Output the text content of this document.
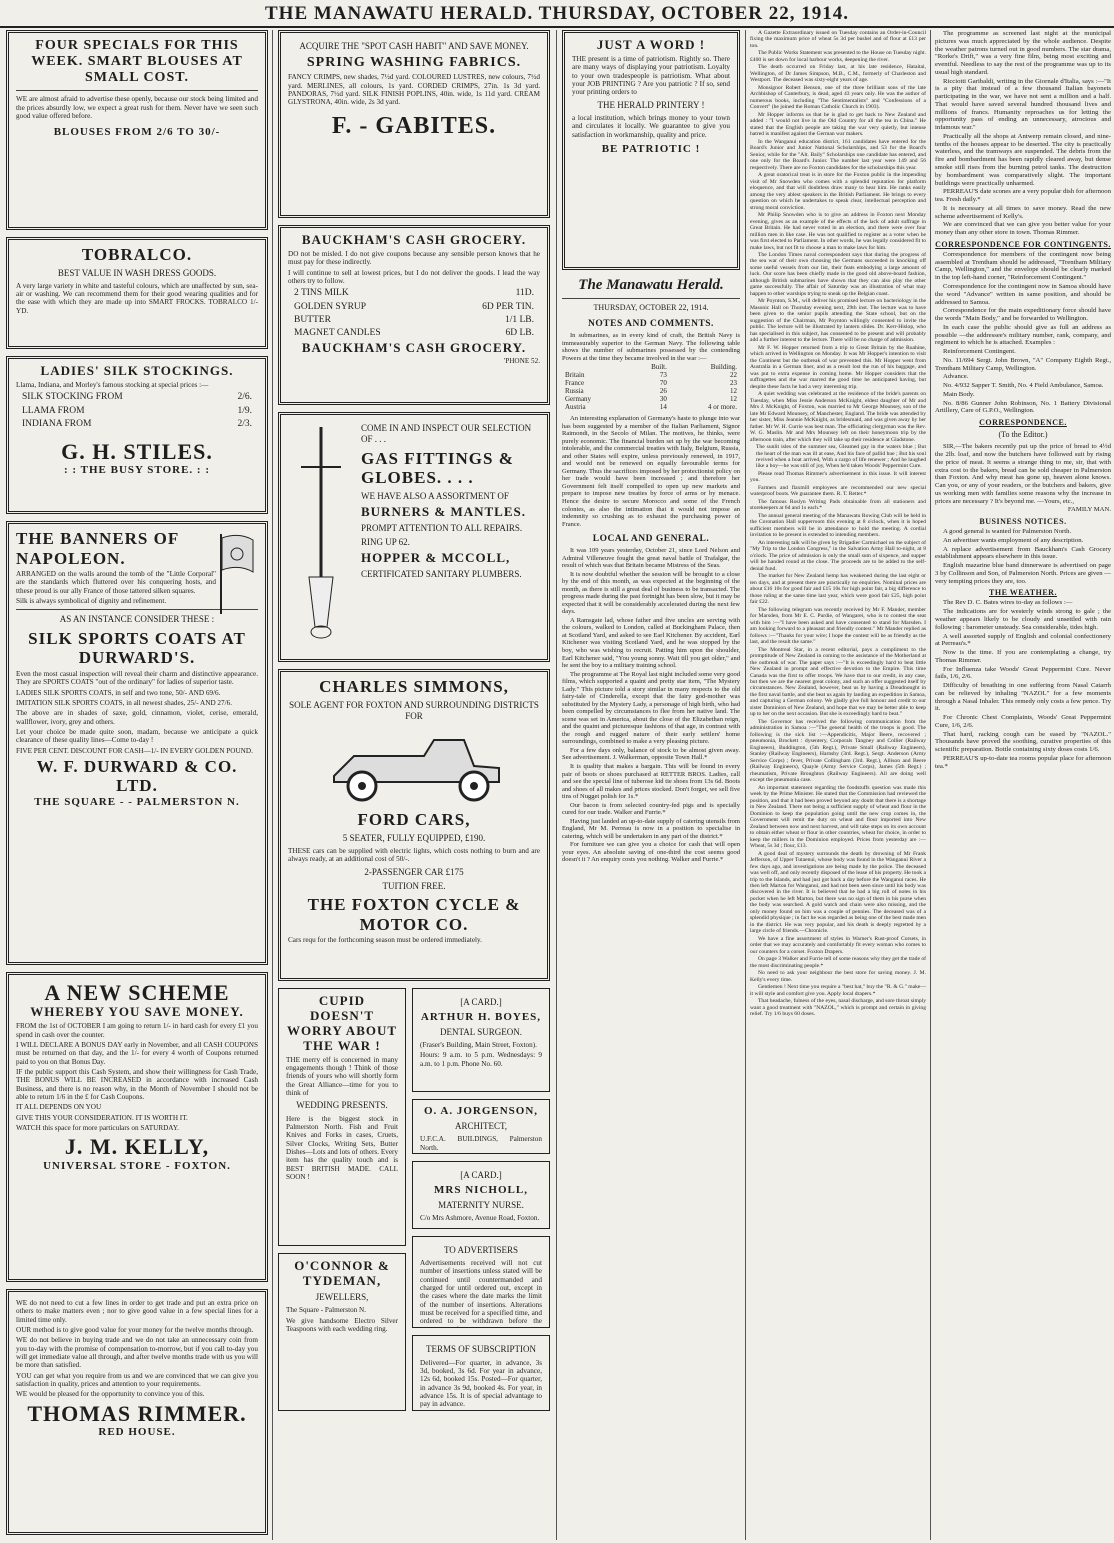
THE MANAWATU HERALD. THURSDAY, OCTOBER 22, 1914.
FOUR SPECIALS FOR THIS WEEK. SMART BLOUSES AT SMALL COST.
WE are almost afraid to advertise these openly, because our stock being limited and the prices absurdly low, we expect a great rush for them. Never have we seen such good value offered before.
BLOUSES FROM 2/6 TO 30/-
TOBRALCO.
BEST VALUE IN WASH DRESS GOODS.
A very large variety in white and tasteful colours, which are unaffected by sun, sea-air or washing. We can recommend them for their good wearing qualities and for the ease with which they are made up into SMART FROCKS. TOBRALCO 1/- YD.
LADIES' SILK STOCKINGS.
Llama, Indiana, and Morley's famous stocking at special prices :—
SILK STOCKING FROM	2/6.
LLAMA FROM	1/9.
INDIANA FROM	2/3.
G. H. STILES.
: : THE BUSY STORE. : :
THE BANNERS OF NAPOLEON.
ARRANGED on the walls around the tomb of the "Little Corporal" are the standards which fluttered over his conquering hosts, and tthese proud is our ally France of those tattered silken squares.
Silk is always symbolical of dignity and refinement.
AS AN INSTANCE CONSIDER THESE :
SILK SPORTS COATS AT DURWARD'S.
Even the most casual inspection will reveal their charm and distinctive appearance. They are SPORTS COATS "out of the ordinary" for ladies of superior taste.
LADIES SILK SPORTS COATS, in self and two tone, 50/- AND 69/6.
IMITATION SILK SPORTS COATS, in all newest shades, 25/- AND 27/6.
The above are in shades of saxe, gold, cinnamon, violet, cerise, emerald, wallflower, ivory, grey and others.
Let your choice be made quite soon, madam, because we anticipate a quick clearance of these quality lines—Come to-day !
FIVE PER CENT. DISCOUNT FOR CASH—1/- IN EVERY GOLDEN POUND.
W. F. DURWARD & CO. LTD.
THE SQUARE - - PALMERSTON N.
A NEW SCHEME
WHEREBY YOU SAVE MONEY.
FROM the 1st of OCTOBER I am going to return 1/- in hard cash for every £1 you spend in cash over the counter.
I WILL DECLARE A BONUS DAY early in November, and all CASH COUPONS must be returned on that day, and the 1/- for every 4 worth of Coupons returned paid to you on that Bonus Day.
IF the public support this Cash System, and show their willingness for Cash Trade, THE BONUS WILL BE INCREASED in accordance with increased Cash Business, and there is no reason why, in the Month of November I should not be able to return 1/6 in the £ for Cash Coupons.
IT ALL DEPENDS ON YOU
GIVE THIS YOUR CONSIDERATION. IT IS WORTH IT.
WATCH this space for more particulars on SATURDAY.
J. M. KELLY,
UNIVERSAL STORE - FOXTON.
WE do not need to cut a few lines in order to get trade and put an extra price on others to make matters even ; nor to give good value in a few special lines for a limited time only.
OUR method is to give good value for your money for the twelve months through.
WE do not believe in buying trade and we do not take an unnecessary coin from you to-day with the promise of compensation to-morrow, but if you call to-day you will get immediate value all through, and after twelve months trade with us you will be more than satisfied.
YOU can get what you require from us and we are convinced that we can give you satisfaction in quality, prices and attention to your requirements.
WE would be pleased for the opportunity to convince you of this.
THOMAS RIMMER.
RED HOUSE.
ACQUIRE THE "SPOT CASH HABIT" AND SAVE MONEY.
SPRING WASHING FABRICS.
FANCY CRIMPS, new shades, 7½d yard. COLOURED LUSTRES, new colours, 7½d yard. MERLINES, all colours, 1s yard. CORDED CRIMPS, 27in. 1s 3d yard. PANDORAS, 7½d yard. SILK FINISH POPLINS, 40in. wide, 1s 11d yard. CREAM GLYSTRONA, 40in. wide, 2s 3d yard.
F. - GABITES.
BAUCKHAM'S CASH GROCERY.
DO not be misled. I do not give coupons because any sensible person knows that he must pay for these indirectly.
I will continue to sell at lowest prices, but I do not deliver the goods. I lead the way others try to follow.
2 TINS MILK	11D.
GOLDEN SYRUP	6D PER TIN.
BUTTER	1/1 LB.
MAGNET CANDLES	6D LB.
BAUCKHAM'S CASH GROCERY.
'PHONE 52.
COME IN AND INSPECT OUR SELECTION OF . . .
GAS FITTINGS & GLOBES. . . .
WE HAVE ALSO A ASSORTMENT OF
BURNERS & MANTLES.
PROMPT ATTENTION TO ALL REPAIRS.
RING UP 62.
HOPPER & MCCOLL,
CERTIFICATED SANITARY PLUMBERS.
CHARLES SIMMONS,
SOLE AGENT FOR FOXTON AND SURROUNDING DISTRICTS FOR
FORD CARS,
5 SEATER, FULLY EQUIPPED, £190.
THESE cars can be supplied with electric lights, which costs nothing to burn and are always ready, at an additional cost of 50/-.
2-PASSENGER CAR £175
TUITION FREE.
THE FOXTON CYCLE & MOTOR CO.
Cars requ for the forthcoming season must be ordered immediately.
CUPID DOESN'T WORRY ABOUT THE WAR !
THE merry elf is concerned in many engagements though ! Think of those friends of yours who will shortly form the Great Alliance—time for you to think of
WEDDING PRESENTS.
Here is the biggest stock in Palmerston North. Fish and Fruit Knives and Forks in cases, Cruets, Silver Clocks, Writing Sets, Butter Dishes—Lots and lots of others. Every item has the quality touch and is BEST BRITISH MADE. CALL SOON !
O'CONNOR & TYDEMAN,
JEWELLERS,
The Square - Palmerston N.
We give handsome Electro Silver Teaspoons with each wedding ring.
[A CARD.]
ARTHUR H. BOYES,
DENTAL SURGEON.
(Fraser's Building, Main Street, Foxton).
Hours: 9 a.m. to 5 p.m. Wednesdays: 9 a.m. to 1 p.m. Phone No. 60.
O. A. JORGENSON,
ARCHITECT,
U.F.C.A. BUILDINGS, Palmerston North.
[A CARD.]
MRS NICHOLL,
MATERNITY NURSE.
C/o Mrs Ashmore, Avenue Road, Foxton.
TO ADVERTISERS
Advertisements received will not cut number of insertions unless stated will be continued until countermanded and charged for until ordered out, except in the cases where the date marks the limit of the number of insertions. Alterations must be received for a specified time, and ordered to be withdrawn before the
TERMS OF SUBSCRIPTION
Delivered—For quarter, in advance, 3s 3d, booked, 3s 6d. For year in advance, 12s 6d, booked 15s. Posted—For quarter, in advance 3s 9d, booked 4s. For year, in advance 15s. It is of special advantage to pay in advance.
JUST A WORD !
THE present is a time of patriotism. Rightly so. There are many ways of displaying your patriotism. Loyalty to your own tradespeople is patriotism. What about your JOB PRINTING ? Are you patriotic ? If so, send your printing orders to
THE HERALD PRINTERY !
a local institution, which brings money to your town and circulates it locally. We guarantee to give you satisfaction in workmanship, quality and price.
BE PATRIOTIC !
The Manawatu Herald.
THURSDAY, OCTOBER 22, 1914.
NOTES AND COMMENTS.
In submarines, as in every kind of craft, the British Navy is immeasurably superior to the German Navy. The following table shows the number of submarines possessed by the contending Powers at the time they became involved in the war :—
	Built.	Building.
Britain	73	22
France	70	23
Russia	26	12
Germany	30	12
Austria	14	4 or more.
An interesting explanation of Germany's haste to plunge into war has been suggested by a member of the Italian Parliament, Signor Raimondi, in the Secolo of Milan. The motives, he thinks, were purely economic. The financial burden set up by the war becoming intolerable, and the commercial treaties with Italy, Belgium, Russia, and other States will expire, unless previously renewed, in 1917, and would not be renewed on equally favourable terms for Germany. Thus the sacrifices imposed by her protectionist policy on her trade would have been increased ; and therefore her Government felt itself compelled to open up new markets and prepare to impose new treaties by force of arms or by menace. Hence the desire to secure Morocco and some of the French colonies, as also the intimation that it would not impose an indemnity so crushing as to exhaust the purchasing power of France.
LOCAL AND GENERAL.
It was 109 years yesterday, October 21, since Lord Nelson and Admiral Villeneuve fought the great naval battle of Trafalgar, the result of which was that Britain became Mistress of the Seas.
It is now doubtful whether the session will be brought to a close by the end of this month, as was expected at the beginning of the month, as there is still a great deal of business to be transacted. The progress made during the past fortnight has been slow, but it may be expected that it will be considerably accelerated during the next few days.
A Ramsgate lad, whose father and five uncles are serving with the colours, walked to London, called at Buckingham Palace, then at Scotland Yard, and asked to see Earl Kitchener. By accident, Earl Kitchener was visiting Scotland Yard, and he was stopped by the boy, who was wishing to recruit. Patting him upon the shoulder, Earl Kitchener said, "You young sonny. Wait till you get older," and he sent the boy to a military training school.
The programme at The Royal last night included some very good films, which supported a quaint and pretty star item, "The Mystery Lady." This picture told a story similar in many respects to the old fairy-tale of Cinderella, except that the fairy god-mother was substituted by the Mystery Lady, a personage of high birth, who had been compelled by circumstances to flee from her native land. The scene was set in America, about the close of the Elizabethan reign, and the quaint and picturesque fashions of that age, in contrast with the rough and rugged nature of their early settlers' home surroundings, combined to make a very pleasing picture.
For a few days only, balance of stock to be almost given away. See advertisement. J. Walkerman, opposite Town Hall.*
It is quality that makes a bargain. This will be found in every pair of boots or shoes purchased at RETTER BROS. Ladies, call and see the special line of tuberose kid tie shoes from 13s 6d. Boots and shoes of all makes and prices stocked. Don't forget, we sell five tins of Nugget polish for 1s.*
Our bacon is from selected country-fed pigs and is specially cured for our trade. Walker and Furrie.*
Having just landed an up-to-date supply of catering utensils from England, Mr M. Perreau is now in a position to specialise in catering, which will be undertaken in any part of the district.*
For furniture we can give you a choice for cash that will open your eyes. An absolute saving of one-third the cost seems good doesn't it ? An enquiry costs you nothing. Walker and Furrie.*
A Gazette Extraordinary issued on Tuesday contains an Order-in-Council fixing the maximum price of wheat 5s 3d per bushel and of flour at £13 per ton.
The Public Works Statement was presented to the House on Tuesday night. £400 is set down for local harbour works, deepening the river.
The death occurred on Friday last, at his late residence, Hataitai, Wellington, of Dr James Simpson, M.B., C.M., formerly of Charleston and Westport. The deceased was sixty-eight years of age.
Monsignor Robert Benson, one of the three brilliant sons of the late Archbishop of Canterbury, is dead, aged 43 years only. He was the author of numerous books, including "The Sentimentalists" and "Confessions of a Convert" (he joined the Roman Catholic Church in 1903).
Mr Hopper informs us that he is glad to get back to New Zealand and added : "I would not live in the Old Country for all the tea in China." He stated that the English people are taking the war very quietly, but intense hatred is manifest against the German war makers.
In the Wanganui education district, 161 candidates have entered for the Board's Junior and Junior National Scholarships, and 53 for the Board's Senior, while for the "Alt. Baily" Scholarships one candidate has entered, and one only for the Board's Junior. The number last year were 149 and 56 respectively. There are no Foxton candidates for the scholarships this year.
A great oratorical treat is in store for the Foxton public in the impending visit of Mr Snowden who comes with a splendid reputation for platform eloquence, and that will doubtless draw many to hear him. He ranks easily among the very ablest speakers in the British Parliament. He brings to every question on which he undertakes to speak clear, intellectual perception and strong moral conviction.
Mr Philip Snowden who is to give an address in Foxton next Monday evening, gives as an example of the effects of the lack of adult suffrage in Great Britain. He had never voted in an election, and there were over four million men in like case. He was not qualified to register as a voter when he was first elected to Parliament. In other words, he was legally considered fit to make laws, but not fit to choose a man to make laws for him.
The London Times naval correspondent says that during the progress of the sea war of their own choosing the Germans succeeded in knocking off some useful vessels from our list, their feats embodying a large amount of luck. Our score has been chiefly made in the good old above-board fashion, although British submarines have shown that they can also play the other game successfully. The affair of Saturday was an illustration of what may happen to other warships trying to sneak up the Belgian coast.
Mr Poynton, S.M., will deliver his promised lecture on bacteriology in the Masonic Hall on Thursday evening next, 29th inst. The lecture was to have been given to the senior pupils attending the State school, but on the suggestion of the Chairman, Mr Poynton willingly consented to invite the public. The lecture will be illustrated by lantern slides. Dr. Kerr-Hislop, who has specialised in this subject, has consented to be present and will probably add a further interest to the lecture. There will be no charge of admission.
Mr F. W. Hopper returned from a trip to Great Britain by the Ruahine, which arrived in Wellington on Monday. It was Mr Hopper's intention to visit the Continent but the outbreak of war prevented this. Mr Hopper went from Australia in a German liner, and as a result lost the run of his baggage, and was put to extra expense in coming home. Mr Hopper considers that the suffragettes and the war marred the good time he anticipated having, but despite these facts he had a very interesting trip.
A quiet wedding was celebrated at the residence of the bride's parents on Tuesday, when Miss Jessie Anderson McKnight, eldest daughter of Mr and Mrs J. McKnight, of Foxton, was married to Mr George Mounsey, son of the late Mr Edward Mounsey, of Manchester, England. The bride was attended by her sister, Miss Jeannie McKnight, as bridesmaid, and was given away by her father. Mr W. H. Currie was best man. The officiating clergyman was the Rev. W. G. Maslin. Mr and Mrs Mounsey left on their honeymoon trip by the afternoon train, after which they will take up their residence at Gladstone.
The sunlit isles of the summer sea, Gleamed gay in the waters blue ; But the heart of the man was ill at ease, And his face of pallid hue ; But his soul revived when a boat arrived, With a cargo of life renewer ; And he laughed like a boy—he was still of joy, When he'd taken Woods' Peppermint Cure.
Please read Thomas Rimmer's advertisement in this issue. It will interest you.
Farmers and flaxmill employees are recommended our new special waterproof boots. We guarantee them. R. T. Retter.*
The famous Roslyn Writing Pads obtainable from all stationers and storekeepers at 6d and 1s each.*
The annual general meeting of the Manawatu Rowing Club will be held in the Coronation Hall supperroom this evening at 8 o'clock, when it is hoped sufficient members will be in attendance to hold the meeting. A cordial invitation to be present is extended to intending members.
An interesting talk will be given by Brigadier Carmichael on the subject of "My Trip to the London Congress," in the Salvation Army Hall to-night, at 8 o'clock. The price of admission is only the small sum of sixpence, and supper will be handed round at the close. The proceeds are to be added to the self-denial fund.
The market for New Zealand hemp has weakened during the last eight or ten days, and at present there are practically no enquiries. Nominal prices are about £16 10s for good fair and £15 10s for high point fair, a big difference to those ruling at the same time last year, which were good fair £25, high point fair £22.
The following telegram was recently received by Mr F. Mander, member for Marsden, from Mr E. C. Purdie, of Wangarei, who is to contest the seat with him :—"I have been asked and have consented to stand for Marsden. I am looking forward to a pleasant and friendly contest." Mr Mander replied as follows :—"Thanks for your wire; I hope the contest will be as friendly as the last, and the result the same."
The Montreal Star, in a recent editorial, pays a compliment to the promptitude of New Zealand in coming to the assistance of the Motherland at the outbreak of war. The paper says :—"It is exceedingly hard to beat little New Zealand in prompt and effective devotion to the Empire. This time Canada was the first to offer troops. We have that to our credit, in any case, but then we are the nearest great colony, and such an offer suggested itself by circumstances. New Zealand, however, beat us by having a Dreadnought in the first naval battle, and she beat us again by landing an expedition in Samoa, and capturing a German colony. We gladly give full honour and credit to our sister Dominion of New Zealand, and hope that we may be better able to keep up to her on the next occasion. But she is exceedingly hard to beat."
The Governor has received the following communication from the administration in Samoa :—"The general health of the troops is good. The following is the sick list :—Appendicitis, Major Beere, recovered ; pneumonia, Brockett : dysentery, Corporals Tangney and Collier (Railway Engineers), Buddington, (5th Regt.), Private Small (Railway Engineers), Stanley (Railway Engineers), Harnsby (3rd. Regt.), Sergt. Anderson (Army Service Corps) ; fever, Private Collingham (3rd. Regt.), Allison and Beere (Railway Engineers), Quayle (Army Service Corps), James (5th Regt.) ; rheumatism, Private Broughton (Railway Engineers). All are doing well except the pneumonia case.
An important statement regarding the foodstuffs question was made this week by the Prime Minister. He stated that the Commission had reviewed the position, and that it had been proved beyond any doubt that there is a shortage in New Zealand. There not being a sufficient supply of wheat and flour in the Dominion to keep the population going until the new crop comes in, the Government will remit the duty on wheat and flour imported into New Zealand between now and next harvest, and will take steps on its own account to obtain either wheat or flour in other countries, wheat for choice, in order to keep the millers in the Dominion employed. Prices from yesterday are :—Wheat, 5s 3d ; flour, £13.
A good deal of mystery surrounds the death by drowning of Mr Frank Jefferson, of Upper Tutaenui, whose body was found in the Wanganui River a few days ago, and investigations are being made by the police. The deceased was well off, and only recently disposed of the lease of his property. He took a trip to the Islands, and had just got back a day before the Wanganui races. He then left Marton for Wanganui, and had not been seen since until his body was discovered in the river. It is believed that he had a big roll of notes in his pocket when he left Marton, but there was no sign of them in his purse when the body was searched. A gold watch and chain were also missing, and the only money found on him was a couple of pennies. The deceased was of a splendid physique ; in fact he was regarded as being one of the best made men in the district. He was very popular, and his death is deeply regretted by a large circle of friends.—Chronicle.
We have a fine assortment of styles in Warner's Rust-proof Corsets, in order that we may accurately and comfortably fit every woman who comes to our counters for a corset. Foxton Drapers.
On page 3 Walker and Furrie tell of some reasons why they get the trade of the most discriminating people.*
No need to ask your neighbour the best store for saving money. J. M. Kelly's every time.
Gentlemen ! Next time you require a "best hat," buy the "R. & G." make—it will style and comfort give you. Apply local drapers.*
That headache, fulness of the eyes, nasal discharge, and sore throat simply want a good treatment with "NAZOL," which is prompt and certain in giving relief. Try 1/6 buys 60 doses.
The programme as screened last night at the municipal pictures was much appreciated by the whole audience. Despite the weather patrons turned out in good numbers. The star drama, "Rorke's Drift," was a very fine film, being most exciting and eventful. Needless to say the rest of the programme was up to its usual high standard.
Ricciotti Garibaldi, writing in the Giornale d'Italia, says :—"It is a pity that instead of a few thousand Italian bayonets participating in the war, we have not sent a million and a half. That would have saved several hundred thousand lives and millions of francs. Humanity reproaches us for letting the opportunity pass of ending an unnecessary, atrocious and infamous war."
Practically all the shops at Antwerp remain closed, and nine-tenths of the houses appear to be deserted. The city is practically waterless, and the tramways are suspended. The debris from the fire and bombardment has been rapidly cleared away, but dense smoke still rises from the burning petrol tanks. The destruction by bombardment was comparatively slight. The important buildings were practically unharmed.
PERREAU'S date scones are a very popular dish for afternoon tea. Fresh daily.*
It is necessary at all times to save money. Read the new scheme advertisement of Kelly's.
We are convinced that we can give you better value for your money than any other store in town. Thomas Rimmer.
CORRESPONDENCE FOR CONTINGENTS.
Correspondence for members of the contingent now being assembled at Trentham should be addressed, "Trentham Military Camp, Wellington," and the envelope should be clearly marked in the top left-hand corner, "Reinforcement Contingent."
Correspondence for the contingent now in Samoa should have the word "Advance" written in same position, and should be addressed to Samoa.
Correspondence for the main expeditionary force should have the words "Main Body," and be forwarded to Wellington.
In each case the public should give as full an address as possible —the addressee's military number, rank, company, and regiment to which he is attached. Examples :
Reinforcement Contingent.
No. 11/694 Sergt. John Brown, "A" Company Eighth Regt., Trentham Military Camp, Wellington.
Advance.
No. 4/932 Sapper T. Smith, No. 4 Field Ambulance, Samoa.
Main Body.
No. 8/86 Gunner John Robinson, No. 1 Battery Divisional Artillery, Care of G.P.O., Wellington.
CORRESPONDENCE.
(To the Editor.)
SIR,—The bakers recently put up the price of bread to 4½d the 2lb. loaf, and now the butchers have followed suit by rising the price of meat. It seems a strange thing to me, sir, that with extra cost to the bakers, bread can be sold cheaper in Palmerston than Foxton. And why meat has gone up, heaven alone knows. Can you, or any of your readers, or the butchers and bakers, give us working men with families some reasons why the increase in prices are necessary ? It's beyond me. —Yours, etc.,
FAMILY MAN.
BUSINESS NOTICES.
A good general is wanted for Palmerston North.
An advertiser wants employment of any description.
A replace advertisement from Bauckham's Cash Grocery establishment appears elsewhere in this issue.
English mazarine blue band dinnerware is advertised on page 3 by Collinson and Son, of Palmerston North. Prices are given —very tempting prices they are, too.
THE WEATHER.
The Rev D. C. Bates wires to-day as follows :—
The indications are for westerly winds strong to gale ; the weather appears likely to be cloudy and unsettled with rain following : barometer unsteady. Sea considerable, tides high.
A well assorted supply of English and colonial confectionery at Perreau's.*
Now is the time. If you are contemplating a change, try Thomas Rimmer.
For Influenza take Woods' Great Peppermint Cure. Never fails, 1/6, 2/6.
Difficulty of breathing in one suffering from Nasal Catarrh can be relieved by inhaling "NAZOL" for a few moments through a Nasal Inhaler. This remedy only costs a few pence. Try it.
For Chronic Chest Complaints, Woods' Great Peppermint Cure, 1/6, 2/6.
That hard, racking cough can be eased by "NAZOL." Thousands have proved the soothing, curative properties of this scientific preparation. Bottle containing sixty doses costs 1/6.
PERREAU'S up-to-date tea rooms popular place for afternoon tea.*
